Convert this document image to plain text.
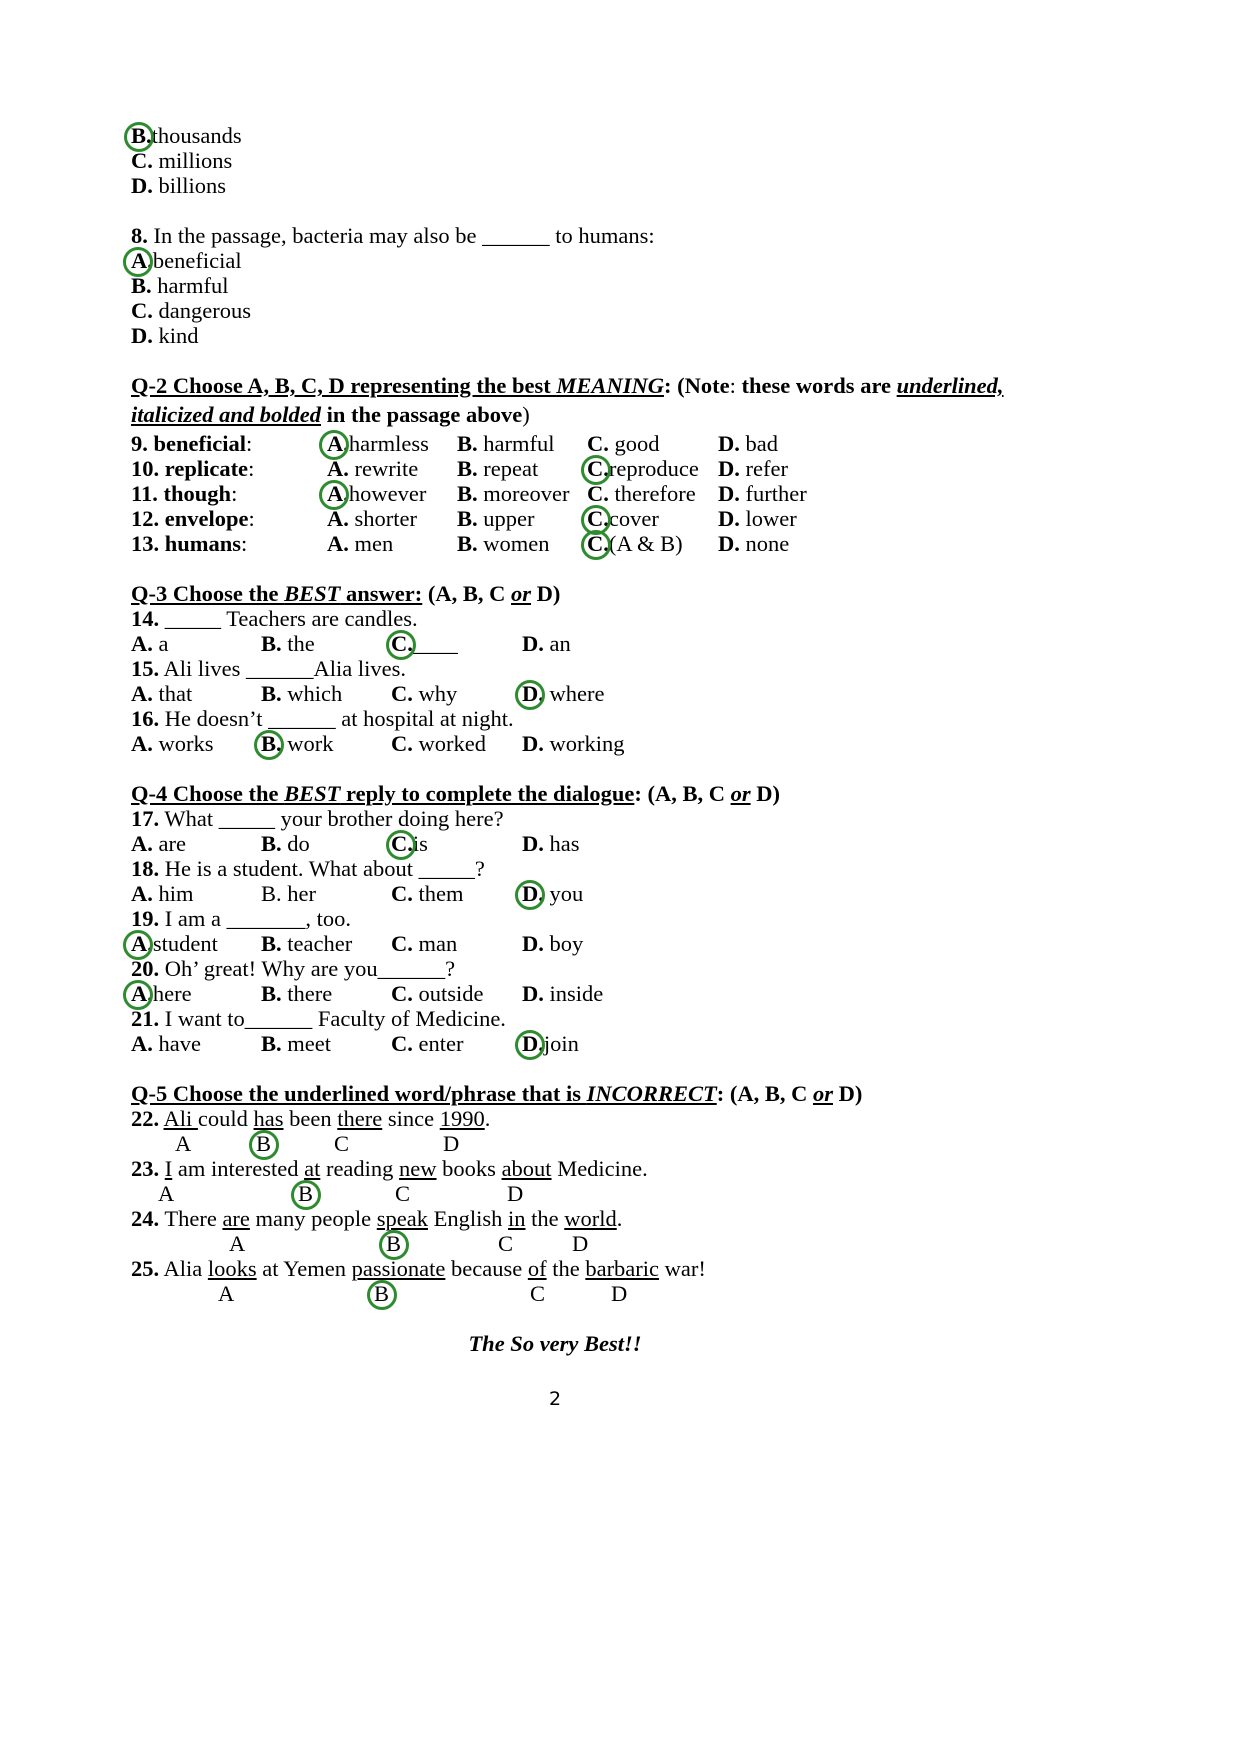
B.thousands
C. millions
D. billions
8. In the passage, bacteria may also be ______ to humans:
A.beneficial
B. harmful
C. dangerous
D. kind
Q-2 Choose A, B, C, D representing the best MEANING: (Note: these words are underlined,
italicized and bolded in the passage above)
9. beneficial:	A.harmless B. harmful C. good	D. bad
10. replicate:	A. rewrite B. repeat C.reproduce D. refer
11. though:	A.however B. moreover C. therefore D. further
12. envelope:	A. shorter B. upper C.cover	D. lower
13. humans:	A. men	B. women C.(A & B) D. none
Q-3 Choose the BEST answer: (A, B, C or D)
14. _____ Teachers are candles.
A. a	B. the	C.____	D. an
15. Ali lives ______Alia lives.
A. that	B. which C. why	D. where
16. He doesn’t ______ at hospital at night.
A. works B. work	C. worked D. working
Q-4 Choose the BEST reply to complete the dialogue: (A, B, C or D)
17. What _____ your brother doing here?
A. are	B. do	C.is	D. has
18. He is a student. What about _____?
A. him	B. her	C. them	D. you
19. I am a _______, too.
A.student B. teacher C. man	D. boy
20. Oh’ great! Why are you______?
A.here	B. there	C. outside D. inside
21. I want to______ Faculty of Medicine.
A. have	B. meet	C. enter	D.join
Q-5 Choose the underlined word/phrase that is INCORRECT: (A, B, C or D)
22. Ali could has been there since 1990.
A	B	C	D
23. I am interested at reading new books about Medicine.
A	B	C	D
24. There are many people speak English in the world.
A	B	C	D
25. Alia looks at Yemen passionate because of the barbaric war!
A	B	C	D
The So very Best!!
2
